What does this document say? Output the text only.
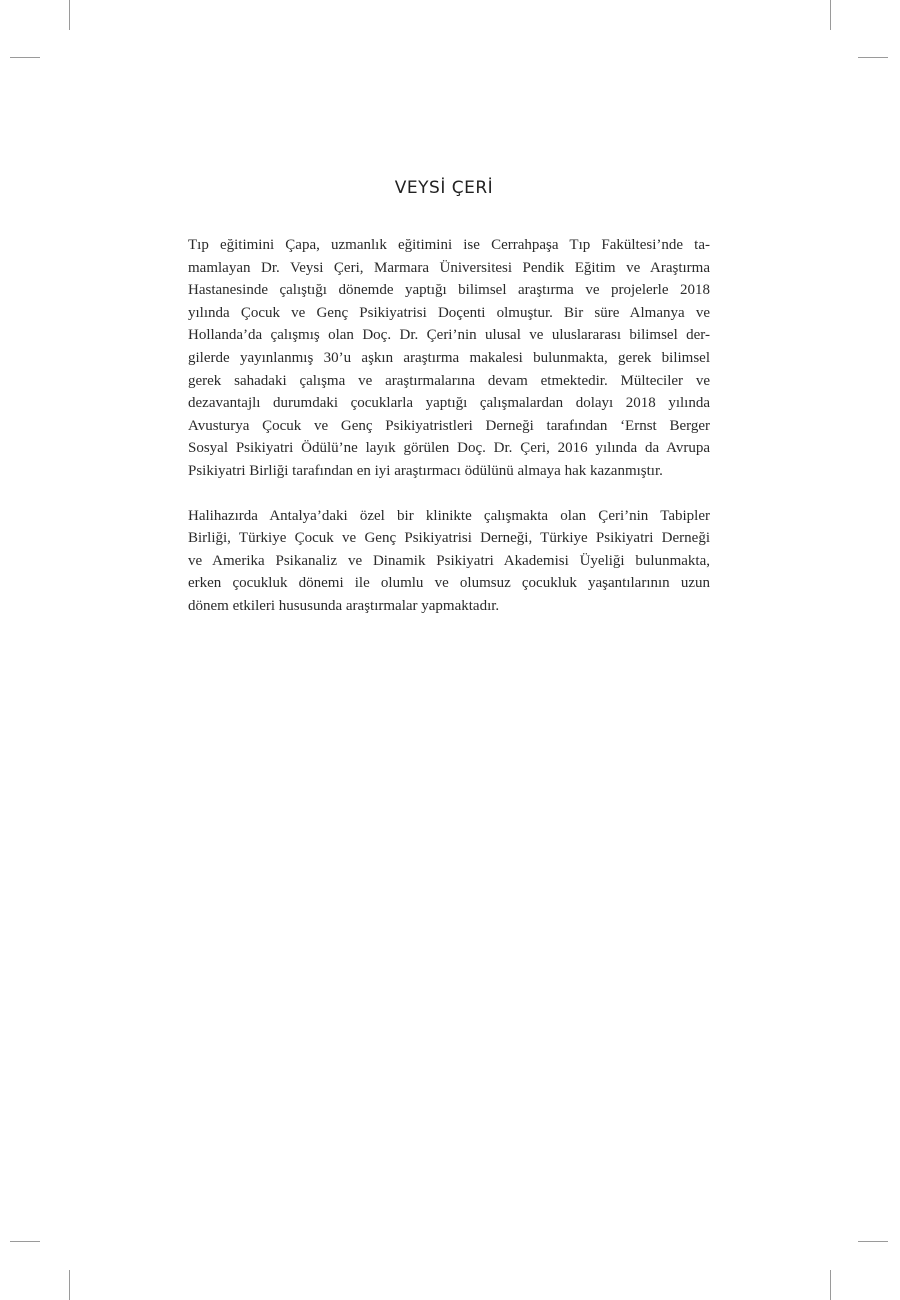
VEYSİ ÇERİ

Tıp eğitimini Çapa, uzmanlık eğitimini ise Cerrahpaşa Tıp Fakültesi’nde ta-
mamlayan Dr. Veysi Çeri, Marmara Üniversitesi Pendik Eğitim ve Araştırma
Hastanesinde çalıştığı dönemde yaptığı bilimsel araştırma ve projelerle 2018
yılında Çocuk ve Genç Psikiyatrisi Doçenti olmuştur. Bir süre Almanya ve
Hollanda’da çalışmış olan Doç. Dr. Çeri’nin ulusal ve uluslararası bilimsel der-
gilerde yayınlanmış 30’u aşkın araştırma makalesi bulunmakta, gerek bilimsel
gerek sahadaki çalışma ve araştırmalarına devam etmektedir. Mülteciler ve
dezavantajlı durumdaki çocuklarla yaptığı çalışmalardan dolayı 2018 yılında
Avusturya Çocuk ve Genç Psikiyatristleri Derneği tarafından ‘Ernst Berger
Sosyal Psikiyatri Ödülü’ne layık görülen Doç. Dr. Çeri, 2016 yılında da Avrupa
Psikiyatri Birliği tarafından en iyi araştırmacı ödülünü almaya hak kazanmıştır.

Halihazırda Antalya’daki özel bir klinikte çalışmakta olan Çeri’nin Tabipler
Birliği, Türkiye Çocuk ve Genç Psikiyatrisi Derneği, Türkiye Psikiyatri Derneği
ve Amerika Psikanaliz ve Dinamik Psikiyatri Akademisi Üyeliği bulunmakta,
erken çocukluk dönemi ile olumlu ve olumsuz çocukluk yaşantılarının uzun
dönem etkileri hususunda araştırmalar yapmaktadır.
